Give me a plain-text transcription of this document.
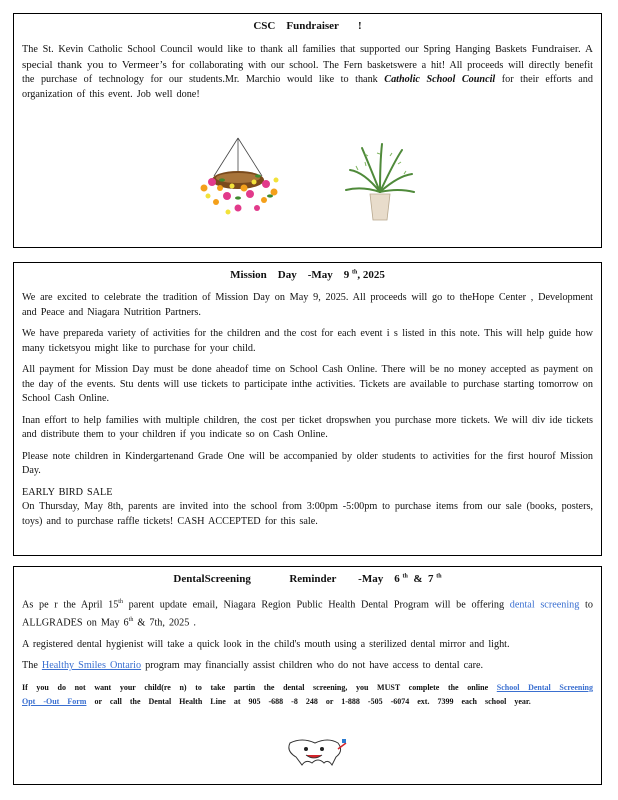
CSC    Fundraiser       !

The St. Kevin Catholic School Council would like to thank all families that supported our Spring Hanging Baskets Fundraiser. A special thank you to Vermeer’s for collaborating with our school. The Fern basketswere a hit! All proceeds will directly benefit the purchase of technology for our students.Mr. Marchio would like to thank Catholic School Council for their efforts and organization of this event. Job well done!

Mission    Day    -May    9 $^{th}$, 2025

We are excited to celebrate the tradition of Mission Day on May 9, 2025. All proceeds will go to theHope Center , Development and Peace and Niagara Nutrition Partners.

We have prepareda variety of activities for the children and the cost for each event i s listed in this note. This will help guide how many ticketsyou might like to purchase for your child.

All payment for Mission Day must be done aheadof time on School Cash Online. There will be no money accepted as payment on the day of the events. Stu dents will use tickets to participate inthe activities. Tickets are available to purchase starting tomorrow on School Cash Online.

Inan effort to help families with multiple children, the cost per ticket dropswhen you purchase more tickets. We will div ide tickets and distribute them to your children if you indicate so on Cash Online.

Please note children in Kindergartenand Grade One will be accompanied by older students to activities for the first hourof Mission Day.

EARLY BIRD SALE

On Thursday, May 8th, parents are invited into the school from 3:00pm -5:00pm to purchase items from our sale (books, posters, toys) and to purchase raffle tickets! CASH ACCEPTED for this sale.

DentalScreening              Reminder        -May    6 $^{th}$  &  7 $^{th}$

As pe r the April 15th parent update email, Niagara Region Public Health Dental Program will be offering dental screening to ALLGRADES on May 6th & 7th, 2025 .

A registered dental hygienist will take a quick look in the child's mouth using a sterilized dental mirror and light.

The Healthy Smiles Ontario program may financially assist children who do not have access to dental care.

If you do not want your child(re n) to take partin the dental screening, you MUST complete the online School Dental Screening Opt -Out Form or call the Dental Health Line at 905 -688 -8 248 or 1-888 -505 -6074 ext. 7399 each school year.
